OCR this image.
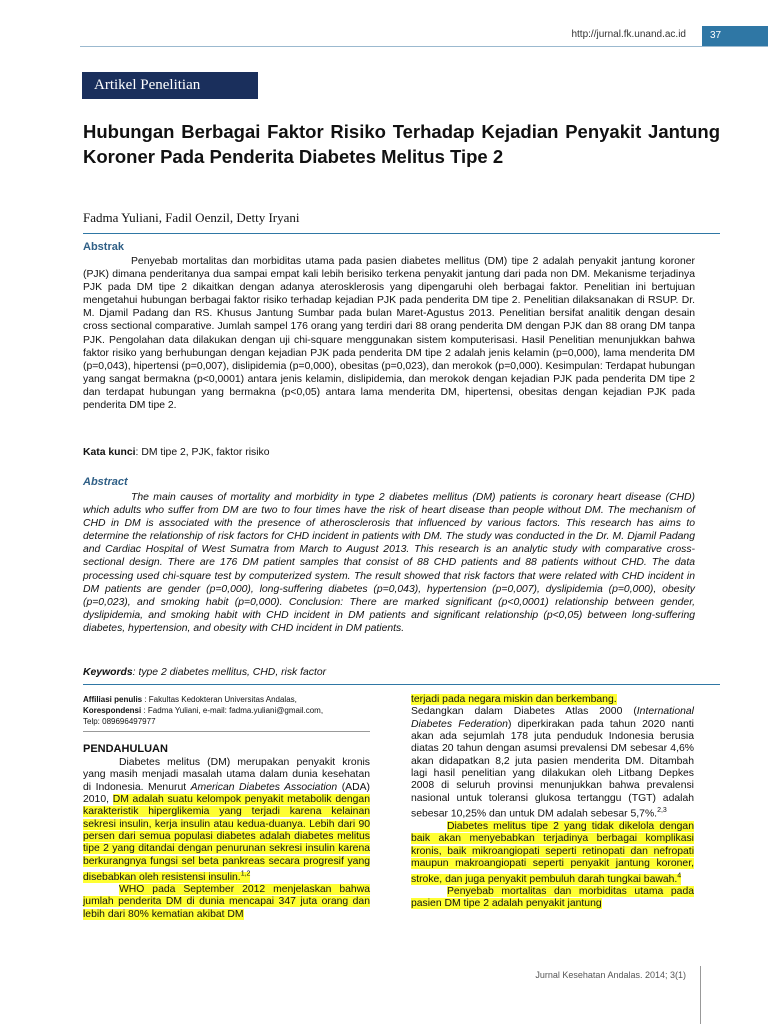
http://jurnal.fk.unand.ac.id	37
Artikel Penelitian
Hubungan Berbagai Faktor Risiko Terhadap Kejadian Penyakit Jantung Koroner Pada Penderita Diabetes Melitus Tipe 2
Fadma Yuliani, Fadil Oenzil, Detty Iryani
Abstrak

Penyebab mortalitas dan morbiditas utama pada pasien diabetes mellitus (DM) tipe 2 adalah penyakit jantung koroner (PJK) dimana penderitanya dua sampai empat kali lebih berisiko terkena penyakit jantung dari pada non DM. Mekanisme terjadinya PJK pada DM tipe 2 dikaitkan dengan adanya aterosklerosis yang dipengaruhi oleh berbagai faktor. Penelitian ini bertujuan mengetahui hubungan berbagai faktor risiko terhadap kejadian PJK pada penderita DM tipe 2. Penelitian dilaksanakan di RSUP. Dr. M. Djamil Padang dan RS. Khusus Jantung Sumbar pada bulan Maret-Agustus 2013. Penelitian bersifat analitik dengan desain cross sectional comparative. Jumlah sampel 176 orang yang terdiri dari 88 orang penderita DM dengan PJK dan 88 orang DM tanpa PJK. Pengolahan data dilakukan dengan uji chi-square menggunakan sistem komputerisasi. Hasil Penelitian menunjukkan bahwa faktor risiko yang berhubungan dengan kejadian PJK pada penderita DM tipe 2 adalah jenis kelamin (p=0,000), lama menderita DM (p=0,043), hipertensi (p=0,007), dislipidemia (p=0,000), obesitas (p=0,023), dan merokok (p=0,000). Kesimpulan: Terdapat hubungan yang sangat bermakna (p<0,0001) antara jenis kelamin, dislipidemia, dan merokok dengan kejadian PJK pada penderita DM tipe 2 dan terdapat hubungan yang bermakna (p<0,05) antara lama menderita DM, hipertensi, obesitas dengan kejadian PJK pada penderita DM tipe 2.

Kata kunci: DM tipe 2, PJK, faktor risiko
Abstract

The main causes of mortality and morbidity in type 2 diabetes mellitus (DM) patients is coronary heart disease (CHD) which adults who suffer from DM are two to four times have the risk of heart disease than people without DM. The mechanism of CHD in DM is associated with the presence of atherosclerosis that influenced by various factors. This research has aims to determine the relationship of risk factors for CHD incident in patients with DM. The study was conducted in the Dr. M. Djamil Padang and Cardiac Hospital of West Sumatra from March to August 2013. This research is an analytic study with comparative cross-sectional design. There are 176 DM patient samples that consist of 88 CHD patients and 88 patients without CHD. The data processing used chi-square test by computerized system. The result showed that risk factors that were related with CHD incident in DM patients are gender (p=0,000), long-suffering diabetes (p=0,043), hypertension (p=0,007), dyslipidemia (p=0,000), obesity (p=0,023), and smoking habit (p=0,000). Conclusion: There are marked significant (p<0,0001) relationship between gender, dyslipidemia, and smoking habit with CHD incident in DM patients and significant relationship (p<0,05) between long-suffering diabetes, hypertension, and obesity with CHD incident in DM patients.

Keywords: type 2 diabetes mellitus, CHD, risk factor
Affiliasi penulis : Fakultas Kedokteran Universitas Andalas,
Korespondensi : Fadma Yuliani, e-mail: fadma.yuliani@gmail.com,
Telp: 089696497977
PENDAHULUAN

Diabetes melitus (DM) merupakan penyakit kronis yang masih menjadi masalah utama dalam dunia kesehatan di Indonesia. Menurut American Diabetes Association (ADA) 2010, DM adalah suatu kelompok penyakit metabolik dengan karakteristik hiperglikemia yang terjadi karena kelainan sekresi insulin, kerja insulin atau kedua-duanya. Lebih dari 90 persen dari semua populasi diabetes adalah diabetes melitus tipe 2 yang ditandai dengan penurunan sekresi insulin karena berkurangnya fungsi sel beta pankreas secara progresif yang disebabkan oleh resistensi insulin.$^{1,2}$

WHO pada September 2012 menjelaskan bahwa jumlah penderita DM di dunia mencapai 347 juta orang dan lebih dari 80% kematian akibat DM

terjadi pada negara miskin dan berkembang.

Sedangkan dalam Diabetes Atlas 2000 (International Diabetes Federation) diperkirakan pada tahun 2020 nanti akan ada sejumlah 178 juta penduduk Indonesia berusia diatas 20 tahun dengan asumsi prevalensi DM sebesar 4,6% akan didapatkan 8,2 juta pasien menderita DM. Ditambah lagi hasil penelitian yang dilakukan oleh Litbang Depkes 2008 di seluruh provinsi menunjukkan bahwa prevalensi nasional untuk toleransi glukosa tertanggu (TGT) adalah sebesar 10,25% dan untuk DM adalah sebesar 5,7%.$^{2,3}$

Diabetes melitus tipe 2 yang tidak dikelola dengan baik akan menyebabkan terjadinya berbagai komplikasi kronis, baik mikroangiopati seperti retinopati dan nefropati maupun makroangiopati seperti penyakit jantung koroner, stroke, dan juga penyakit pembuluh darah tungkai bawah.$^4$

Penyebab mortalitas dan morbiditas utama pada pasien DM tipe 2 adalah penyakit jantung

Jurnal Kesehatan Andalas. 2014; 3(1)
